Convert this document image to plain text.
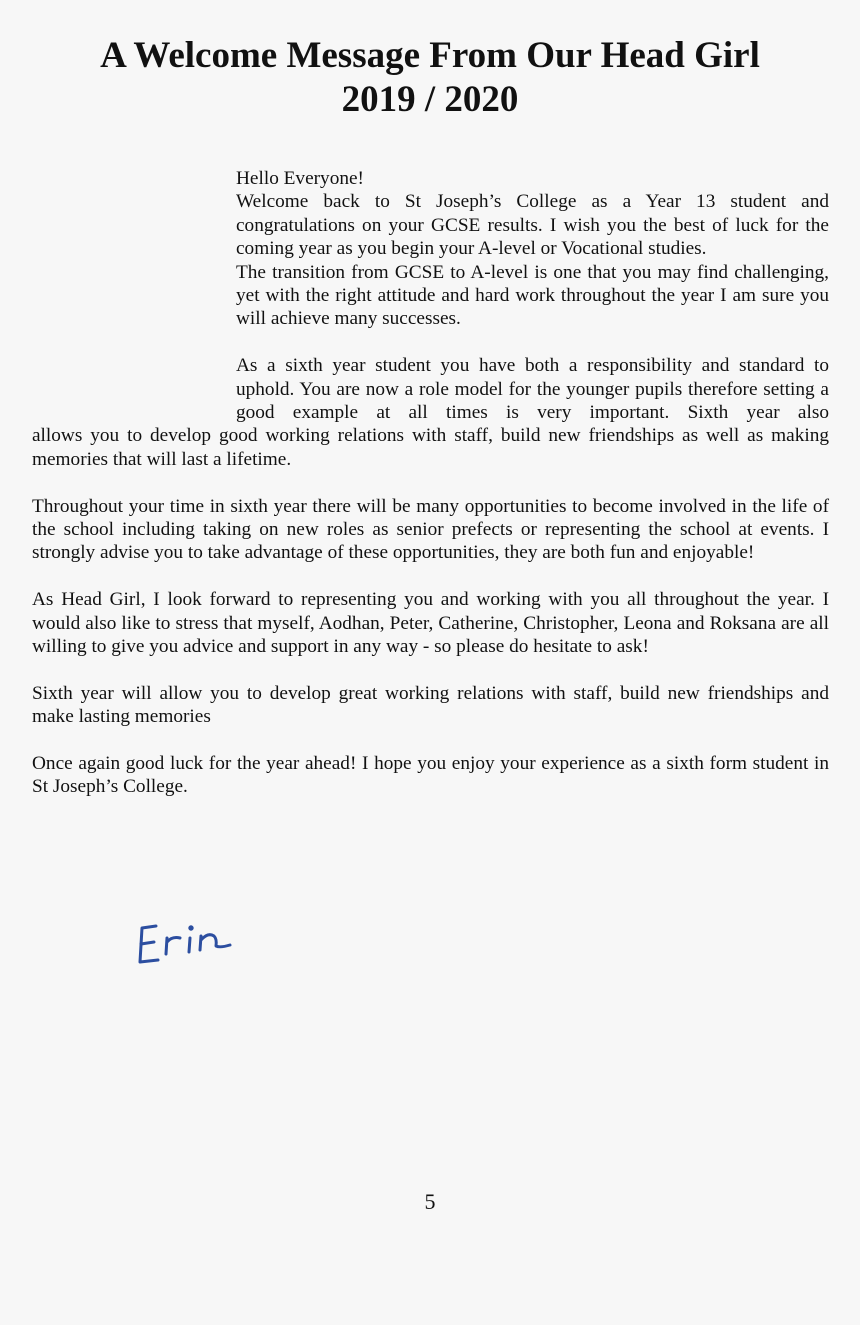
A Welcome Message From Our Head Girl
2019 / 2020

Hello Everyone!

Welcome back to St Joseph’s College as a Year 13 student and congratulations on your GCSE results. I wish you the best of luck for the coming year as you begin your A-level or Vocational studies.

The transition from GCSE to A-level is one that you may find challenging, yet with the right attitude and hard work throughout the year I am sure you will achieve many successes.

As a sixth year student you have both a responsibility and standard to uphold. You are now a role model for the younger pupils therefore setting a good example at all times is very important. Sixth year also

allows you to develop good working relations with staff, build new friendships as well as making memories that will last a lifetime.

Throughout your time in sixth year there will be many opportunities to become involved in the life of the school including taking on new roles as senior prefects or representing the school at events. I strongly advise you to take advantage of these opportunities, they are both fun and enjoyable!

As Head Girl, I look forward to representing you and working with you all throughout the year. I would also like to stress that myself, Aodhan, Peter, Catherine, Christopher, Leona and Roksana are all willing to give you advice and support in any way - so please do hesitate to ask!

Sixth year will allow you to develop great working relations with staff, build new friendships and make lasting memories

Once again good luck for the year ahead! I hope you enjoy your experience as a sixth form student in St Joseph’s College.

5
